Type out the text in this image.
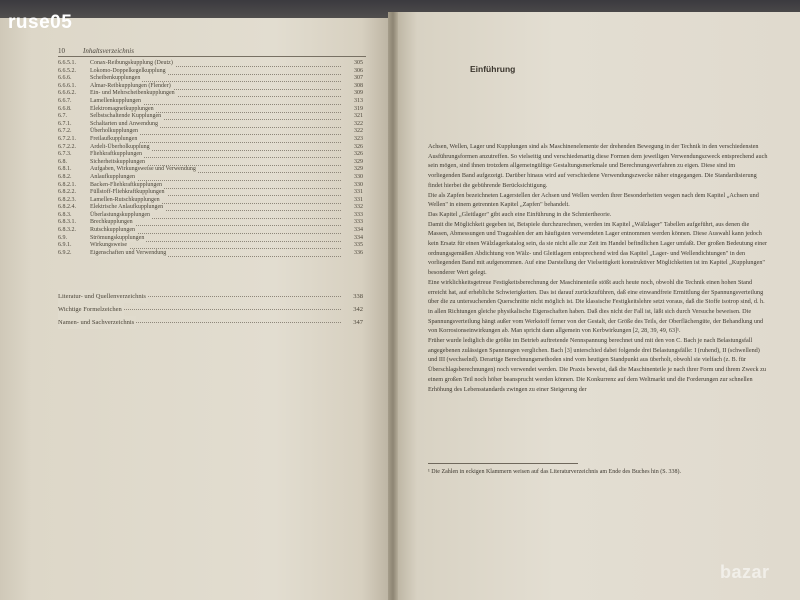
ruse05
10	Inhaltsverzeichnis
6.6.5.1.	Conax-Reibungskupplung (Deutz)	305
6.6.5.2.	Lokomo-Doppelkegelkupplung	306
6.6.6.	Scheibenkupplungen	307
6.6.6.1.	Almar-Reibkupplungen (Flender)	308
6.6.6.2.	Ein- und Mehrscheibenkupplungen	309
6.6.7.	Lamellenkupplungen	313
6.6.8.	Elektromagnetkupplungen	319
6.7.	Selbstschaltende Kupplungen	321
6.7.1.	Schaltarten und Anwendung	322
6.7.2.	Überholkupplungen	322
6.7.2.1.	Freilaufkupplungen	323
6.7.2.2.	Ardelt-Überholkupplung	326
6.7.3.	Fliehkraftkupplungen	326
6.8.	Sicherheitskupplungen	329
6.8.1.	Aufgaben, Wirkungsweise und Verwendung	329
6.8.2.	Anlaufkupplungen	330
6.8.2.1.	Backen-Fliehkraftkupplungen	330
6.8.2.2.	Füllstoff-Fliehkraftkupplungen	331
6.8.2.3.	Lamellen-Rutschkupplungen	331
6.8.2.4.	Elektrische Anlaufkupplungen	332
6.8.3.	Überlastungskupplungen	333
6.8.3.1.	Brechkupplungen	333
6.8.3.2.	Rutschkupplungen	334
6.9.	Strömungskupplungen	334
6.9.1.	Wirkungsweise	335
6.9.2.	Eigenschaften und Verwendung	336
Literatur- und Quellenverzeichnis	338
Wichtige Formelzeichen	342
Namen- und Sachverzeichnis	347
Einführung

Achsen, Wellen, Lager und Kupplungen sind als Maschinenelemente der drehenden Bewegung in der Technik in den verschiedensten Ausführungsformen anzutreffen. So vielseitig und verschiedenartig diese Formen dem jeweiligen Verwendungszweck entsprechend auch sein mögen, sind ihnen trotzdem allgemeingültige Gestaltungsmerkmale und Berechnungsverfahren zu eigen. Diese sind im vorliegenden Band aufgezeigt. Darüber hinaus wird auf verschiedene Verwendungszwecke näher eingegangen. Die Standardisierung findet hierbei die gebührende Berücksichtigung.

Die als Zapfen bezeichneten Lagerstellen der Achsen und Wellen werden ihrer Besonderheiten wegen nach dem Kapitel „Achsen und Wellen" in einem getrennten Kapitel „Zapfen" behandelt.

Das Kapitel „Gleitlager" gibt auch eine Einführung in die Schmiertheorie.

Damit die Möglichkeit gegeben ist, Beispiele durchzurechnen, werden im Kapitel „Wälzlager" Tabellen aufgeführt, aus denen die Massen, Abmessungen und Tragzahlen der am häufigsten verwendeten Lager entnommen werden können. Diese Auswahl kann jedoch kein Ersatz für einen Wälzlagerkatalog sein, da sie nicht alle zur Zeit im Handel befindlichen Lager umfaßt. Der großen Bedeutung einer ordnungsgemäßen Abdichtung von Wälz- und Gleitlagern entsprechend wird das Kapitel „Lager- und Wellendichtungen" in den vorliegenden Band mit aufgenommen. Auf eine Darstellung der Vielseitigkeit konstruktiver Möglichkeiten ist im Kapitel „Kupplungen" besonderer Wert gelegt.

Eine wirklichkeitsgetreue Festigkeitsberechnung der Maschinenteile stößt auch heute noch, obwohl die Technik einen hohen Stand erreicht hat, auf erhebliche Schwierigkeiten. Das ist darauf zurückzuführen, daß eine einwandfreie Ermittlung der Spannungsverteilung über die zu untersuchenden Querschnitte nicht möglich ist. Die klassische Festigkeitslehre setzt voraus, daß die Stoffe isotrop sind, d. h. in allen Richtungen gleiche physikalische Eigenschaften haben. Daß dies nicht der Fall ist, läßt sich durch Versuche beweisen. Die Spannungsverteilung hängt außer vom Werkstoff ferner von der Gestalt, der Größe des Teils, der Oberflächengüte, der Behandlung und von Korrosionseinwirkungen ab. Man spricht dann allgemein von Kerbwirkungen [2, 28, 39, 49, 63]¹.

Früher wurde lediglich die größte im Betrieb auftretende Nennspannung berechnet und mit den von C. Bach je nach Belastungsfall angegebenen zulässigen Spannungen verglichen. Bach [3] unterschied dabei folgende drei Belastungsfälle: I (ruhend), II (schwellend) und III (wechselnd). Derartige Berechnungsmethoden sind vom heutigen Standpunkt aus überholt, obwohl sie vielfach (z. B. für Überschlagsberechnungen) noch verwendet werden. Die Praxis beweist, daß die Maschinenteile je nach ihrer Form und ihrem Zweck zu einem großen Teil noch höher beansprucht werden können. Die Konkurrenz auf dem Weltmarkt und die Forderungen zur schnellen Erhöhung des Lebensstandards zwingen zu einer Steigerung der

¹ Die Zahlen in eckigen Klammern weisen auf das Literaturverzeichnis am Ende des Buches hin (S. 338).
bazar
